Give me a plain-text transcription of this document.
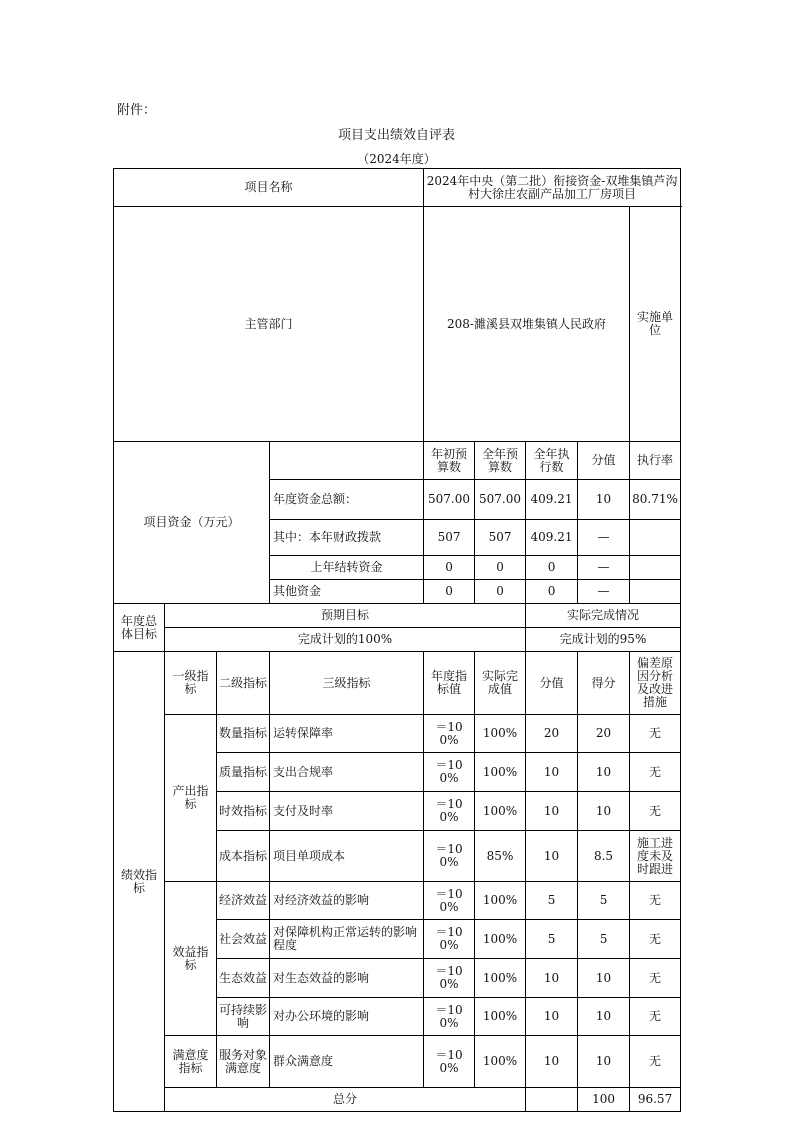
附件：
项目支出绩效自评表
（2024年度）
项目名称				2024年中央（第二批）衔接资金-双堆集镇芦沟村大徐庄农副产品加工厂房项目					
主管部门				208-濉溪县双堆集镇人民政府				实施单位	
项目资金（万元）				年初预算数	全年预算数	全年执行数	分值	执行率	
			年度资金总额：	507.00	507.00	409.21	10	80.71%	
			其中：本年财政拨款	507	507	409.21	—		
			上年结转资金	0	0	0	—		
			其他资金	0	0	0	—		
年度总体目标	预期目标					实际完成情况			
	完成计划的100%					完成计划的95%			
绩效指标	一级指标	二级指标	三级指标	年度指标值	实际完成值	分值	得分	偏差原因分析及改进措施	
	产出指标	数量指标	运转保障率	＝100%	100%	20	20	无	
		质量指标	支出合规率	＝100%	100%	10	10	无	
		时效指标	支付及时率	＝100%	100%	10	10	无	
		成本指标	项目单项成本	＝100%	85%	10	8.5	施工进度未及时跟进	
	效益指标	经济效益	对经济效益的影响	＝100%	100%	5	5	无	
		社会效益	对保障机构正常运转的影响程度	＝100%	100%	5	5	无	
		生态效益	对生态效益的影响	＝100%	100%	10	10	无	
		可持续影响	对办公环境的影响	＝100%	100%	10	10	无	
	满意度指标	服务对象满意度	群众满意度	＝100%	100%	10	10	无	
	总分						100	96.57	
